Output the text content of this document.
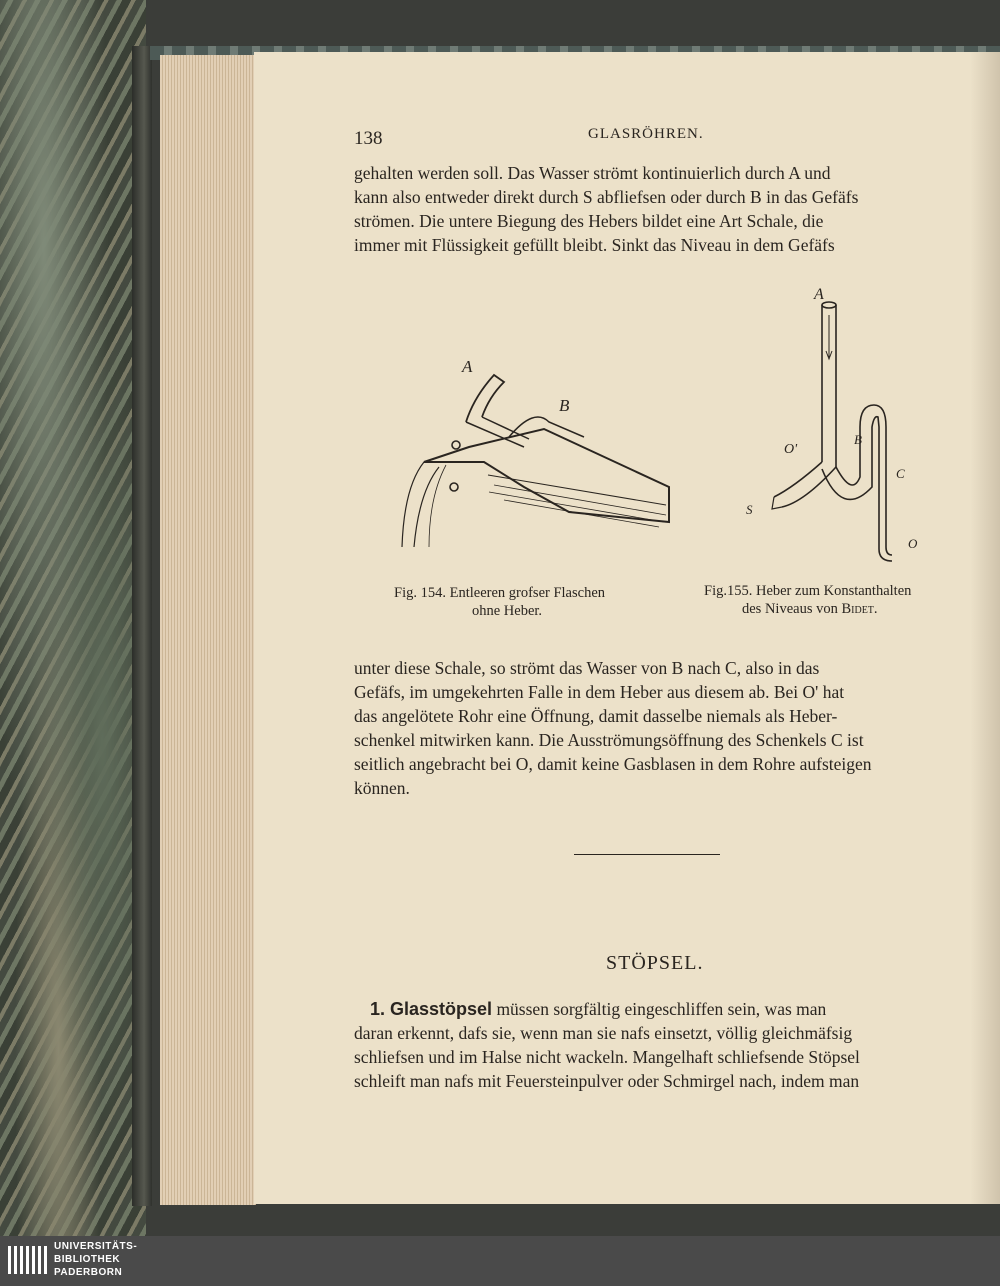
138	GLASRÖHREN.
gehalten werden soll. Das Wasser strömt kontinuierlich durch A und
kann also entweder direkt durch S abfliefsen oder durch B in das Gefäfs
strömen. Die untere Biegung des Hebers bildet eine Art Schale, die
immer mit Flüssigkeit gefüllt bleibt. Sinkt das Niveau in dem Gefäfs
A
B
Fig. 154. Entleeren grofser Flaschen
ohne Heber.
A
B
O'
C
S
O
Fig.155. Heber zum Konstanthalten
des Niveaus von Bidet.
unter diese Schale, so strömt das Wasser von B nach C, also in das
Gefäfs, im umgekehrten Falle in dem Heber aus diesem ab. Bei O' hat
das angelötete Rohr eine Öffnung, damit dasselbe niemals als Heber-
schenkel mitwirken kann. Die Ausströmungsöffnung des Schenkels C ist
seitlich angebracht bei O, damit keine Gasblasen in dem Rohre aufsteigen
können.
STÖPSEL.
1. Glasstöpsel müssen sorgfältig eingeschliffen sein, was man
daran erkennt, dafs sie, wenn man sie nafs einsetzt, völlig gleichmäfsig
schliefsen und im Halse nicht wackeln. Mangelhaft schliefsende Stöpsel
schleift man nafs mit Feuersteinpulver oder Schmirgel nach, indem man
UNIVERSITÄTS-
BIBLIOTHEK
PADERBORN
